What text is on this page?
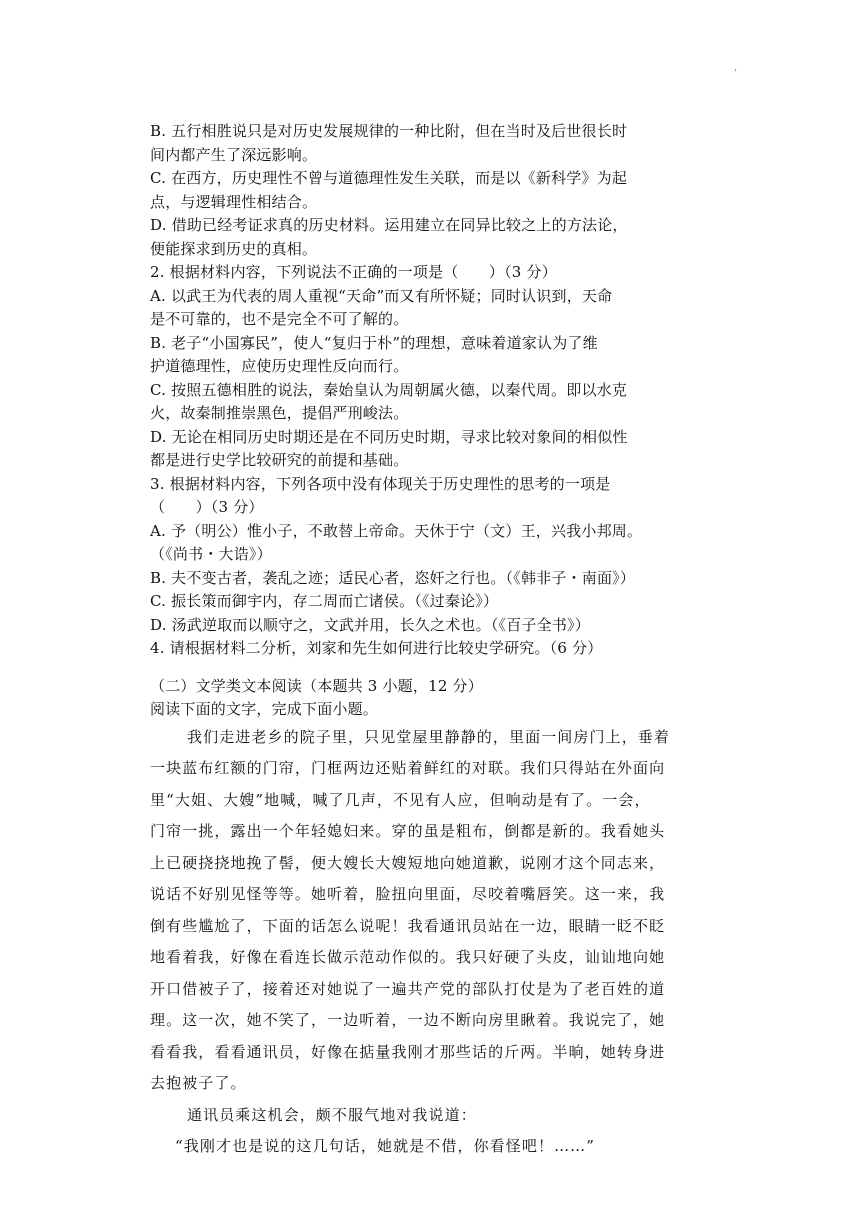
,
B. 五行相胜说只是对历史发展规律的一种比附，但在当时及后世很长时
间内都产生了深远影响。
C. 在西方，历史理性不曾与道德理性发生关联，而是以《新科学》为起
点，与逻辑理性相结合。
D. 借助已经考证求真的历史材料。运用建立在同异比较之上的方法论，
便能探求到历史的真相。
2. 根据材料内容，下列说法不正确的一项是（　　）（3 分）
A. 以武王为代表的周人重视“天命”而又有所怀疑；同时认识到，天命
是不可靠的，也不是完全不可了解的。
B. 老子“小国寡民”，使人“复归于朴”的理想，意味着道家认为了维
护道德理性，应使历史理性反向而行。
C. 按照五德相胜的说法，秦始皇认为周朝属火德，以秦代周。即以水克
火，故秦制推崇黑色，提倡严刑峻法。
D. 无论在相同历史时期还是在不同历史时期，寻求比较对象间的相似性
都是进行史学比较研究的前提和基础。
3. 根据材料内容，下列各项中没有体现关于历史理性的思考的一项是
（　　）（3 分）
A. 予（明公）惟小子，不敢替上帝命。天休于宁（文）王，兴我小邦周。
（《尚书・大诰》）
B. 夫不变古者，袭乱之迹；适民心者，恣奸之行也。（《韩非子・南面》）
C. 振长策而御宇内，存二周而亡诸侯。（《过秦论》）
D. 汤武逆取而以顺守之，文武并用，长久之术也。（《百子全书》）
4. 请根据材料二分析，刘家和先生如何进行比较史学研究。（6 分）
（二）文学类文本阅读（本题共 3 小题，12 分）
阅读下面的文字，完成下面小题。
我们走进老乡的院子里，只见堂屋里静静的，里面一间房门上，垂着
一块蓝布红额的门帘，门框两边还贴着鲜红的对联。我们只得站在外面向
里“大姐、大嫂”地喊，喊了几声，不见有人应，但响动是有了。一会，
门帘一挑，露出一个年轻媳妇来。穿的虽是粗布，倒都是新的。我看她头
上已硬挠挠地挽了髻，便大嫂长大嫂短地向她道歉，说刚才这个同志来，
说话不好别见怪等等。她听着，脸扭向里面，尽咬着嘴唇笑。这一来，我
倒有些尴尬了，下面的话怎么说呢！我看通讯员站在一边，眼睛一眨不眨
地看着我，好像在看连长做示范动作似的。我只好硬了头皮，讪讪地向她
开口借被子了，接着还对她说了一遍共产党的部队打仗是为了老百姓的道
理。这一次，她不笑了，一边听着，一边不断向房里瞅着。我说完了，她
看看我，看看通讯员，好像在掂量我刚才那些话的斤两。半晌，她转身进
去抱被子了。
通讯员乘这机会，颇不服气地对我说道：
“我刚才也是说的这几句话，她就是不借，你看怪吧！……”
